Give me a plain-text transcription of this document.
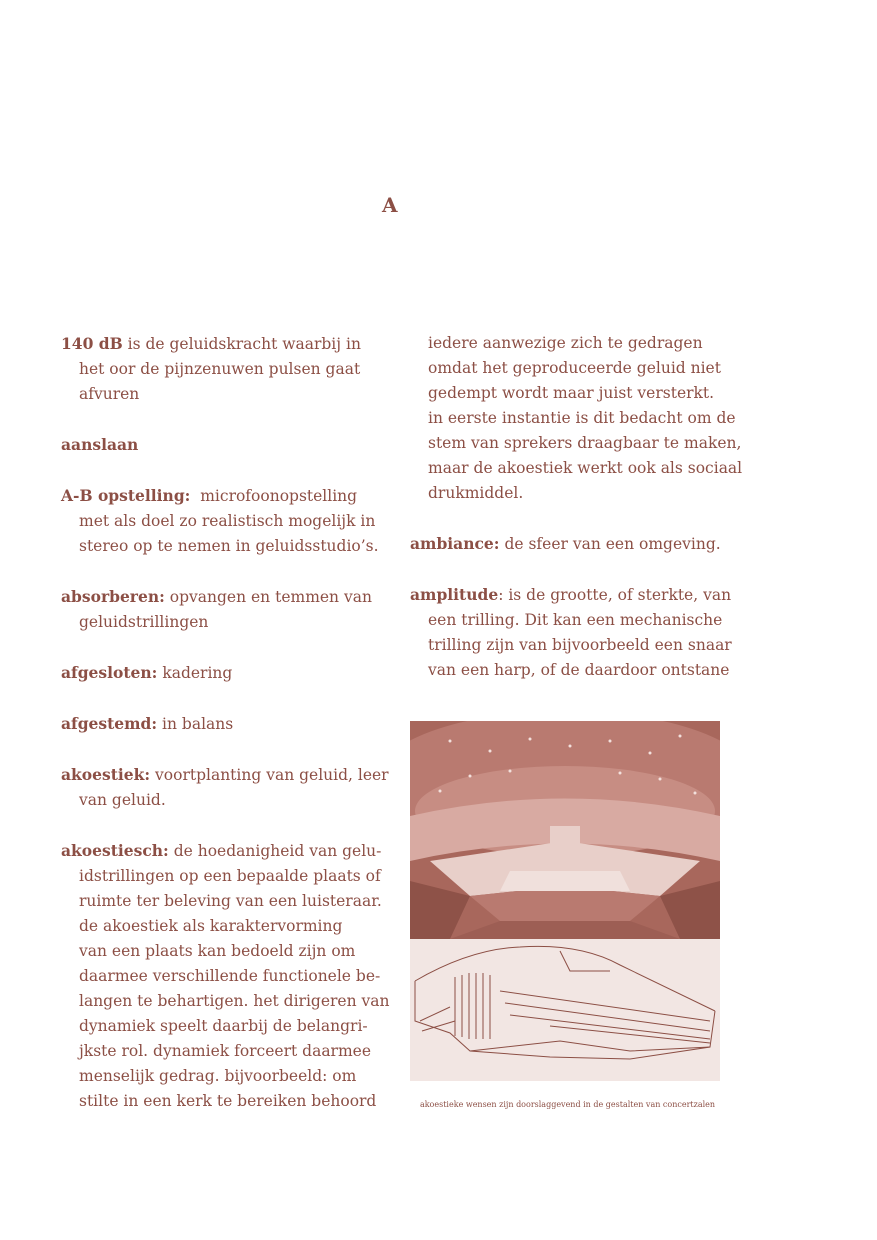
A
140 dB is de geluidskracht waarbij in
het oor de pijnzenuwen pulsen gaat
afvuren
aanslaan
A-B opstelling:  microfoonopstelling
met als doel zo realistisch mogelijk in
stereo op te nemen in geluidsstudio’s.
absorberen: opvangen en temmen van
geluidstrillingen
afgesloten: kadering
afgestemd: in balans
akoestiek: voortplanting van geluid, leer
van geluid.
akoestiesch: de hoedanigheid van gelu-
idstrillingen op een bepaalde plaats of
ruimte ter beleving van een luisteraar.
de akoestiek als karaktervorming
van een plaats kan bedoeld zijn om
daarmee verschillende functionele be-
langen te behartigen. het dirigeren van
dynamiek speelt daarbij de belangri-
jkste rol. dynamiek forceert daarmee
menselijk gedrag. bijvoorbeeld: om
stilte in een kerk te bereiken behoord
iedere aanwezige zich te gedragen
omdat het geproduceerde geluid niet
gedempt wordt maar juist versterkt.
in eerste instantie is dit bedacht om de
stem van sprekers draagbaar te maken,
maar de akoestiek werkt ook als sociaal
drukmiddel.
ambiance: de sfeer van een omgeving.
amplitude: is de grootte, of sterkte, van
een trilling. Dit kan een mechanische
trilling zijn van bijvoorbeeld een snaar
van een harp, of de daardoor ontstane
akoestieke wensen zijn doorslaggevend in de gestalten van concertzalen
